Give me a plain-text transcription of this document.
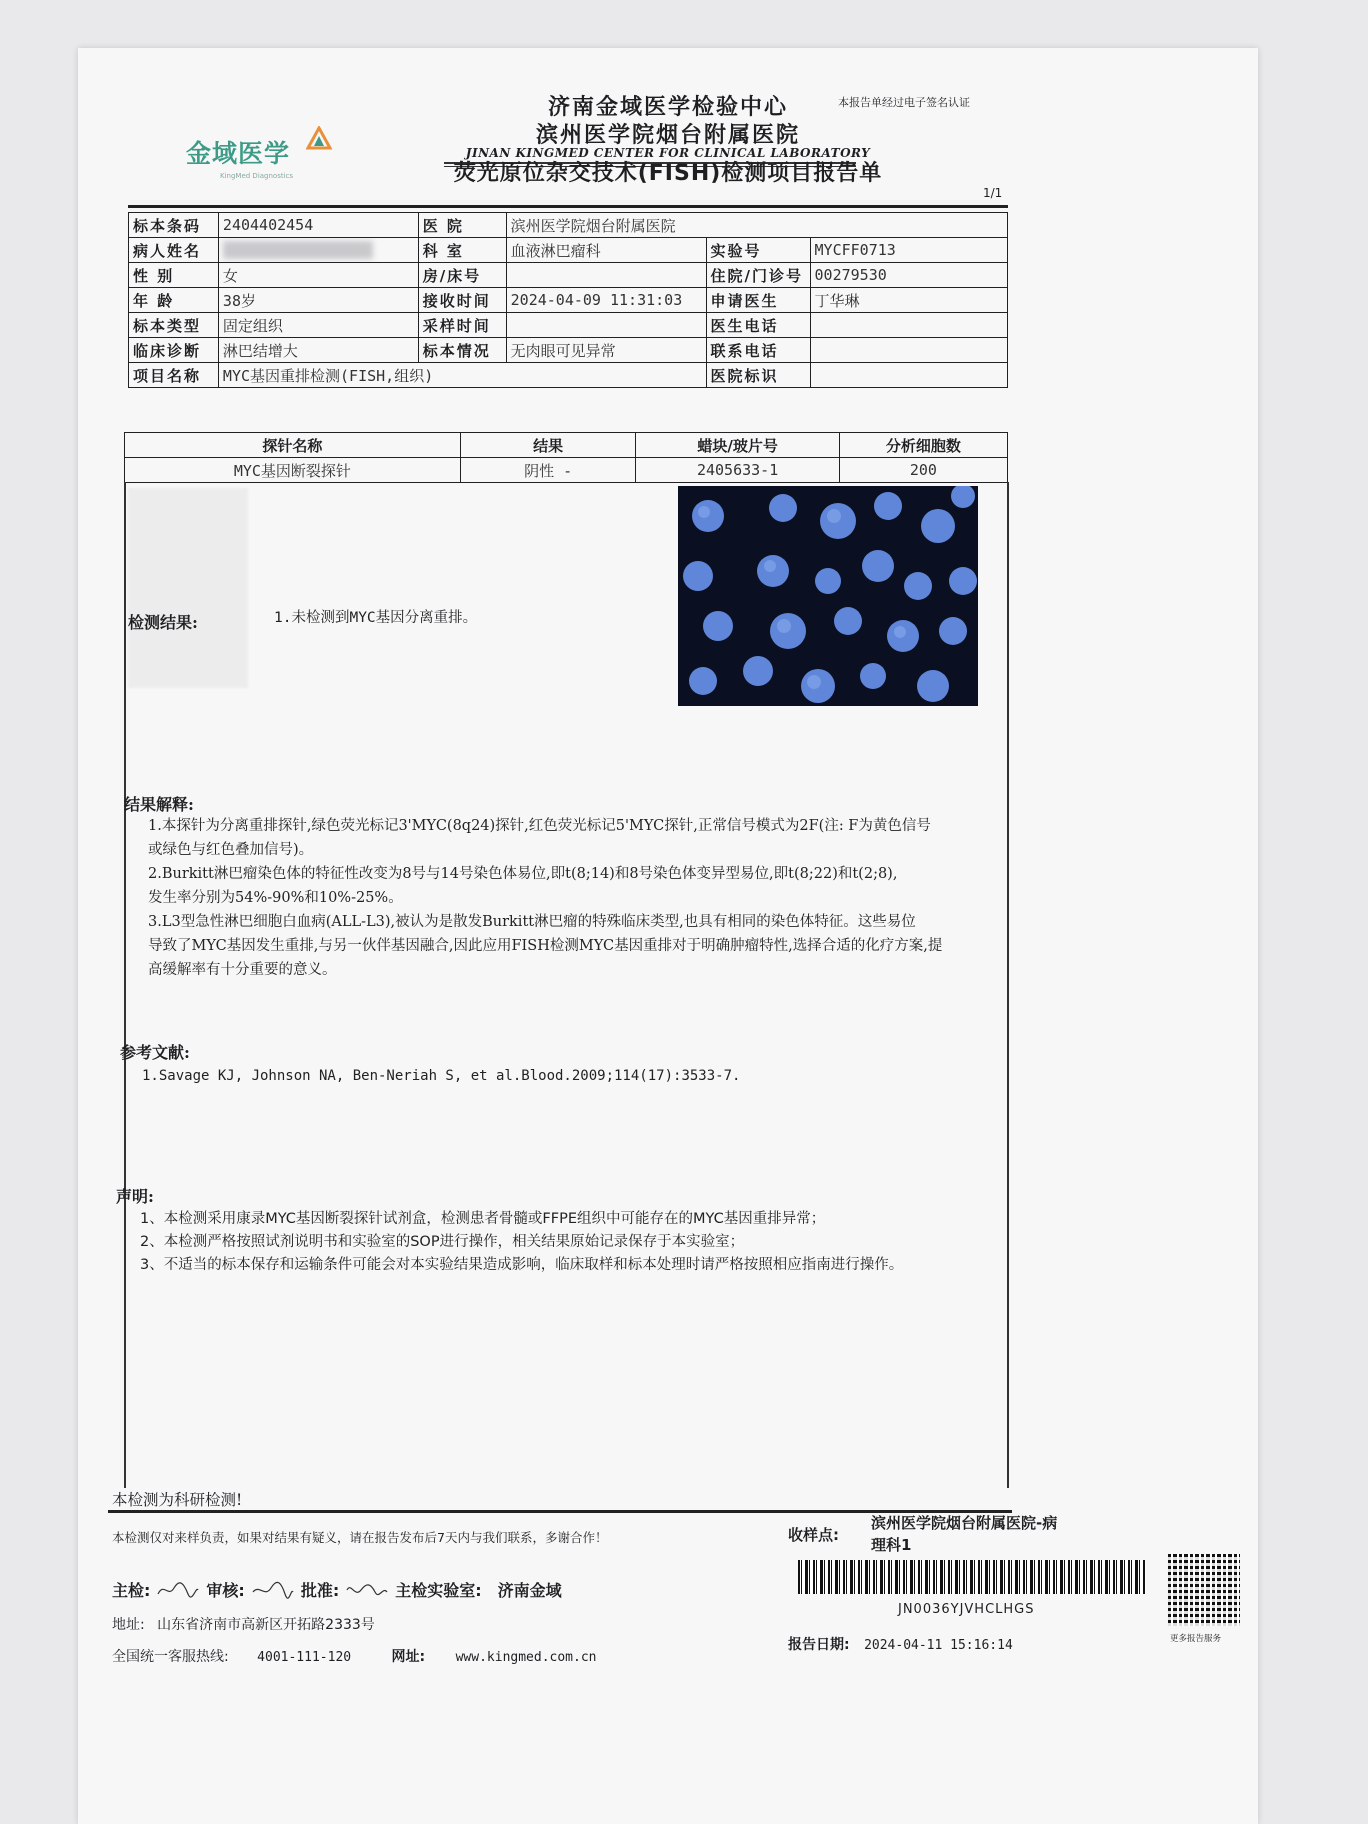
济南金域医学检验中心
滨州医学院烟台附属医院
JINAN KINGMED CENTER FOR CLINICAL LABORATORY
金域医学
KingMed Diagnostics
本报告单经过电子签名认证
荧光原位杂交技术(FISH)检测项目报告单
1/1
标本条码	2404402454	医 院	滨州医学院烟台附属医院		
病人姓名		科 室	血液淋巴瘤科	实验号	MYCFF0713
性 别	女	房/床号		住院/门诊号	00279530
年 龄	38岁	接收时间	2024-04-09 11:31:03	申请医生	丁华琳
标本类型	固定组织	采样时间		医生电话	
临床诊断	淋巴结增大	标本情况	无肉眼可见异常	联系电话	
项目名称	MYC基因重排检测(FISH,组织)			医院标识	
探针名称	结果	蜡块/玻片号	分析细胞数
MYC基因断裂探针	阴性 -	2405633-1	200
检测结果:	1.未检测到MYC基因分离重排。
结果解释:
1.本探针为分离重排探针,绿色荧光标记3'MYC(8q24)探针,红色荧光标记5'MYC探针,正常信号模式为2F(注: F为黄色信号
或绿色与红色叠加信号)。
2.Burkitt淋巴瘤染色体的特征性改变为8号与14号染色体易位,即t(8;14)和8号染色体变异型易位,即t(8;22)和t(2;8),
发生率分别为54%-90%和10%-25%。
3.L3型急性淋巴细胞白血病(ALL-L3),被认为是散发Burkitt淋巴瘤的特殊临床类型,也具有相同的染色体特征。这些易位
导致了MYC基因发生重排,与另一伙伴基因融合,因此应用FISH检测MYC基因重排对于明确肿瘤特性,选择合适的化疗方案,提
高缓解率有十分重要的意义。
参考文献:
1.Savage KJ, Johnson NA, Ben-Neriah S, et al.Blood.2009;114(17):3533-7.
声明:
1、本检测采用康录MYC基因断裂探针试剂盒，检测患者骨髓或FFPE组织中可能存在的MYC基因重排异常；
2、本检测严格按照试剂说明书和实验室的SOP进行操作，相关结果原始记录保存于本实验室；
3、不适当的标本保存和运输条件可能会对本实验结果造成影响，临床取样和标本处理时请严格按照相应指南进行操作。
本检测为科研检测!
本检测仅对来样负责，如果对结果有疑义，请在报告发布后7天内与我们联系，多谢合作！	收样点:
滨州医学院烟台附属医院-病
理科1
主检:	审核:	批准:	主检实验室: 济南金域
JN0036YJVHCLHGS
更多报告服务
地址: 山东省济南市高新区开拓路2333号
全国统一客服热线: 4001-111-120	网址: www.kingmed.com.cn
报告日期: 2024-04-11 15:16:14
